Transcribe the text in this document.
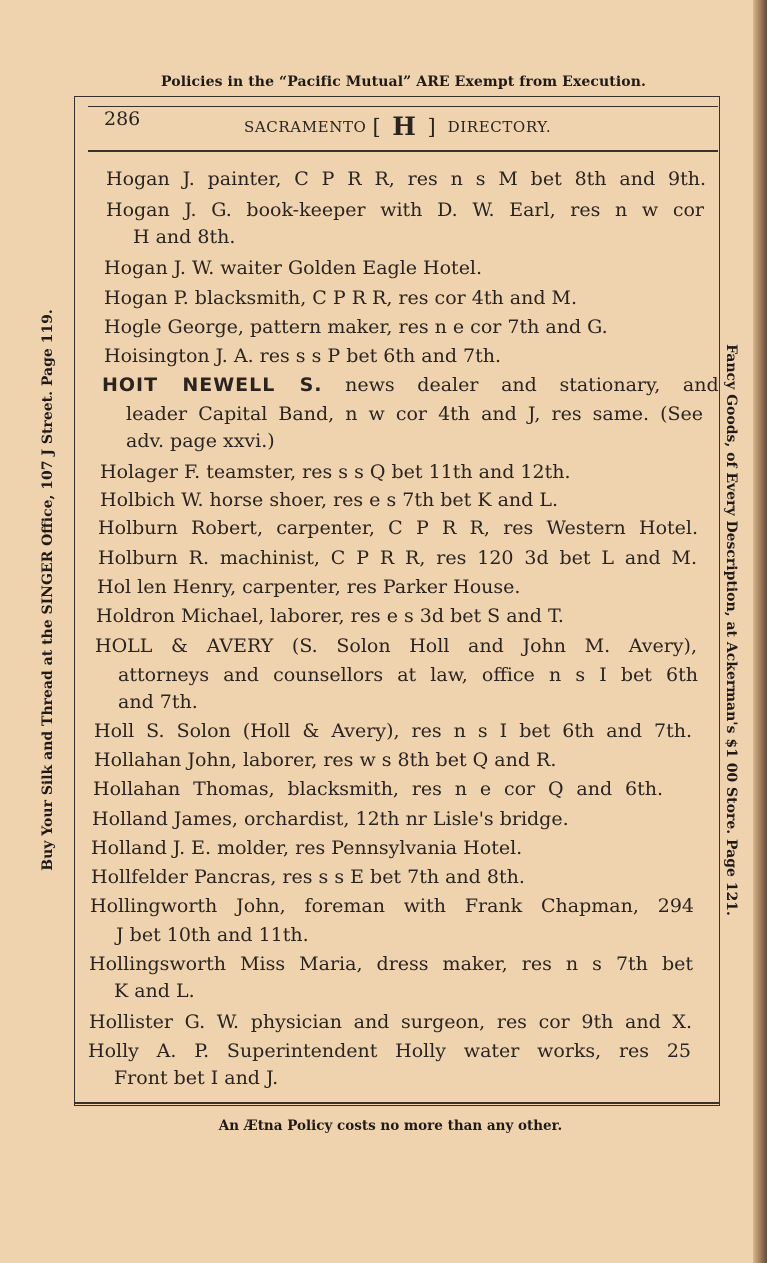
Policies in the “Pacific Mutual” ARE Exempt from Execution.
Buy Your Silk and Thread at the SINGER Office, 107 J Street. Page 119.	Fancy Goods, of Every Description, at Ackerman's $1 00 Store. Page 121.
286	SACRAMENTO [ H ] DIRECTORY.
Hogan J. painter, C P R R, res n s M bet 8th and 9th.
Hogan J. G. book-keeper with D. W. Earl, res n w cor
H and 8th.
Hogan J. W. waiter Golden Eagle Hotel.
Hogan P. blacksmith, C P R R, res cor 4th and M.
Hogle George, pattern maker, res n e cor 7th and G.
Hoisington J. A. res s s P bet 6th and 7th.
HOIT NEWELL S. news dealer and stationary, and
leader Capital Band, n w cor 4th and J, res same. (See
adv. page xxvi.)
Holager F. teamster, res s s Q bet 11th and 12th.
Holbich W. horse shoer, res e s 7th bet K and L.
Holburn Robert, carpenter, C P R R, res Western Hotel.
Holburn R. machinist, C P R R, res 120 3d bet L and M.
Hol len Henry, carpenter, res Parker House.
Holdron Michael, laborer, res e s 3d bet S and T.
HOLL & AVERY (S. Solon Holl and John M. Avery),
attorneys and counsellors at law, office n s I bet 6th
and 7th.
Holl S. Solon (Holl & Avery), res n s I bet 6th and 7th.
Hollahan John, laborer, res w s 8th bet Q and R.
Hollahan Thomas, blacksmith, res n e cor Q and 6th.
Holland James, orchardist, 12th nr Lisle's bridge.
Holland J. E. molder, res Pennsylvania Hotel.
Hollfelder Pancras, res s s E bet 7th and 8th.
Hollingworth John, foreman with Frank Chapman, 294
J bet 10th and 11th.
Hollingsworth Miss Maria, dress maker, res n s 7th bet
K and L.
Hollister G. W. physician and surgeon, res cor 9th and X.
Holly A. P. Superintendent Holly water works, res 25
Front bet I and J.
An Ætna Policy costs no more than any other.
